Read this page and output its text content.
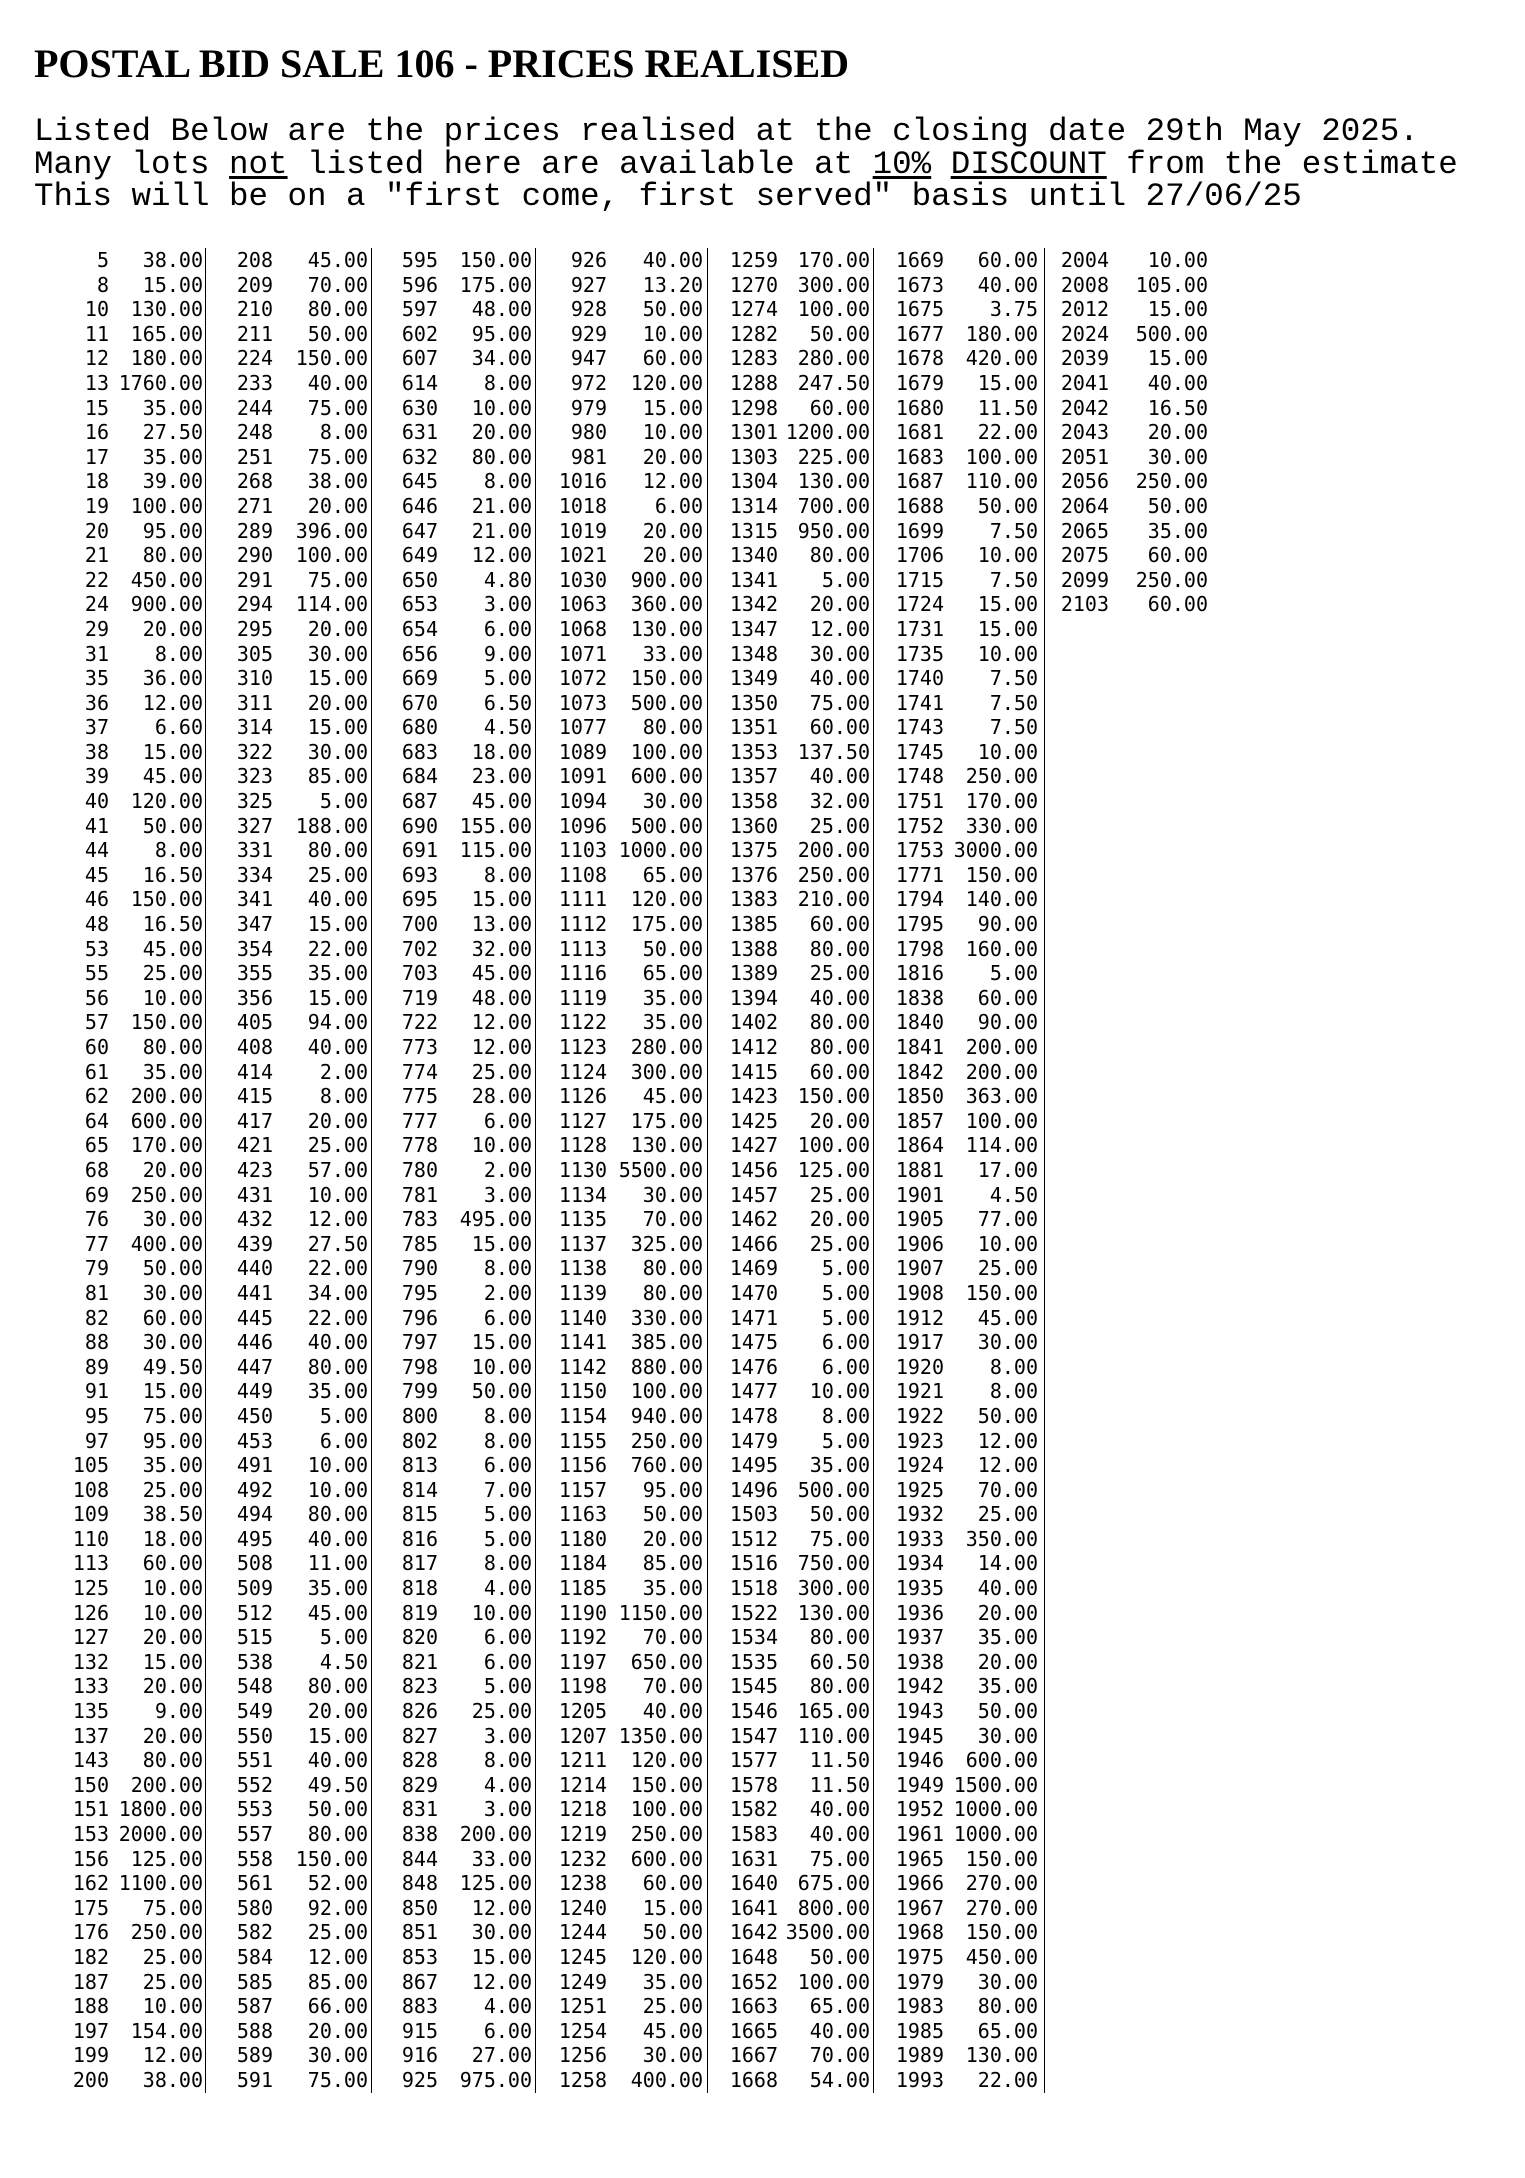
POSTAL BID SALE 106 - PRICES REALISED
Listed Below are the prices realised at the closing date 29th May 2025.
Many lots not listed here are available at 10% DISCOUNT from the estimate
This will be on a "first come, first served" basis until 27/06/25
5	38.00
8	15.00
10	130.00
11	165.00
12	180.00
13 1760.00
15	35.00
16	27.50
17	35.00
18	39.00
19	100.00
20	95.00
21	80.00
22	450.00
24	900.00
29	20.00
31	8.00
35	36.00
36	12.00
37	6.60
38	15.00
39	45.00
40	120.00
41	50.00
44	8.00
45	16.50
46	150.00
48	16.50
53	45.00
55	25.00
56	10.00
57	150.00
60	80.00
61	35.00
62	200.00
64	600.00
65	170.00
68	20.00
69	250.00
76	30.00
77	400.00
79	50.00
81	30.00
82	60.00
88	30.00
89	49.50
91	15.00
95	75.00
97	95.00
105	35.00
108	25.00
109	38.50
110	18.00
113	60.00
125	10.00
126	10.00
127	20.00
132	15.00
133	20.00
135	9.00
137	20.00
143	80.00
150	200.00
151 1800.00
153 2000.00
156	125.00
162 1100.00
175	75.00
176	250.00
182	25.00
187	25.00
188	10.00
197	154.00
199	12.00
200	38.00
208	45.00
209	70.00
210	80.00
211	50.00
224	150.00
233	40.00
244	75.00
248	8.00
251	75.00
268	38.00
271	20.00
289	396.00
290	100.00
291	75.00
294	114.00
295	20.00
305	30.00
310	15.00
311	20.00
314	15.00
322	30.00
323	85.00
325	5.00
327	188.00
331	80.00
334	25.00
341	40.00
347	15.00
354	22.00
355	35.00
356	15.00
405	94.00
408	40.00
414	2.00
415	8.00
417	20.00
421	25.00
423	57.00
431	10.00
432	12.00
439	27.50
440	22.00
441	34.00
445	22.00
446	40.00
447	80.00
449	35.00
450	5.00
453	6.00
491	10.00
492	10.00
494	80.00
495	40.00
508	11.00
509	35.00
512	45.00
515	5.00
538	4.50
548	80.00
549	20.00
550	15.00
551	40.00
552	49.50
553	50.00
557	80.00
558	150.00
561	52.00
580	92.00
582	25.00
584	12.00
585	85.00
587	66.00
588	20.00
589	30.00
591	75.00
595	150.00
596	175.00
597	48.00
602	95.00
607	34.00
614	8.00
630	10.00
631	20.00
632	80.00
645	8.00
646	21.00
647	21.00
649	12.00
650	4.80
653	3.00
654	6.00
656	9.00
669	5.00
670	6.50
680	4.50
683	18.00
684	23.00
687	45.00
690	155.00
691	115.00
693	8.00
695	15.00
700	13.00
702	32.00
703	45.00
719	48.00
722	12.00
773	12.00
774	25.00
775	28.00
777	6.00
778	10.00
780	2.00
781	3.00
783	495.00
785	15.00
790	8.00
795	2.00
796	6.00
797	15.00
798	10.00
799	50.00
800	8.00
802	8.00
813	6.00
814	7.00
815	5.00
816	5.00
817	8.00
818	4.00
819	10.00
820	6.00
821	6.00
823	5.00
826	25.00
827	3.00
828	8.00
829	4.00
831	3.00
838	200.00
844	33.00
848	125.00
850	12.00
851	30.00
853	15.00
867	12.00
883	4.00
915	6.00
916	27.00
925	975.00
926	40.00
927	13.20
928	50.00
929	10.00
947	60.00
972	120.00
979	15.00
980	10.00
981	20.00
1016	12.00
1018	6.00
1019	20.00
1021	20.00
1030	900.00
1063	360.00
1068	130.00
1071	33.00
1072	150.00
1073	500.00
1077	80.00
1089	100.00
1091	600.00
1094	30.00
1096	500.00
1103 1000.00
1108	65.00
1111	120.00
1112	175.00
1113	50.00
1116	65.00
1119	35.00
1122	35.00
1123	280.00
1124	300.00
1126	45.00
1127	175.00
1128	130.00
1130 5500.00
1134	30.00
1135	70.00
1137	325.00
1138	80.00
1139	80.00
1140	330.00
1141	385.00
1142	880.00
1150	100.00
1154	940.00
1155	250.00
1156	760.00
1157	95.00
1163	50.00
1180	20.00
1184	85.00
1185	35.00
1190 1150.00
1192	70.00
1197	650.00
1198	70.00
1205	40.00
1207 1350.00
1211	120.00
1214	150.00
1218	100.00
1219	250.00
1232	600.00
1238	60.00
1240	15.00
1244	50.00
1245	120.00
1249	35.00
1251	25.00
1254	45.00
1256	30.00
1258	400.00
1259 170.00
1270 300.00
1274 100.00
1282	50.00
1283 280.00
1288 247.50
1298	60.00
1301 1200.00
1303 225.00
1304 130.00
1314 700.00
1315 950.00
1340	80.00
1341	5.00
1342	20.00
1347	12.00
1348	30.00
1349	40.00
1350	75.00
1351	60.00
1353 137.50
1357	40.00
1358	32.00
1360	25.00
1375 200.00
1376 250.00
1383 210.00
1385	60.00
1388	80.00
1389	25.00
1394	40.00
1402	80.00
1412	80.00
1415	60.00
1423 150.00
1425	20.00
1427 100.00
1456 125.00
1457	25.00
1462	20.00
1466	25.00
1469	5.00
1470	5.00
1471	5.00
1475	6.00
1476	6.00
1477	10.00
1478	8.00
1479	5.00
1495	35.00
1496 500.00
1503	50.00
1512	75.00
1516 750.00
1518 300.00
1522 130.00
1534	80.00
1535	60.50
1545	80.00
1546 165.00
1547 110.00
1577	11.50
1578	11.50
1582	40.00
1583	40.00
1631	75.00
1640 675.00
1641 800.00
1642 3500.00
1648	50.00
1652 100.00
1663	65.00
1665	40.00
1667	70.00
1668	54.00
1669	60.00
1673	40.00
1675	3.75
1677	180.00
1678	420.00
1679	15.00
1680	11.50
1681	22.00
1683	100.00
1687	110.00
1688	50.00
1699	7.50
1706	10.00
1715	7.50
1724	15.00
1731	15.00
1735	10.00
1740	7.50
1741	7.50
1743	7.50
1745	10.00
1748	250.00
1751	170.00
1752	330.00
1753 3000.00
1771	150.00
1794	140.00
1795	90.00
1798	160.00
1816	5.00
1838	60.00
1840	90.00
1841	200.00
1842	200.00
1850	363.00
1857	100.00
1864	114.00
1881	17.00
1901	4.50
1905	77.00
1906	10.00
1907	25.00
1908	150.00
1912	45.00
1917	30.00
1920	8.00
1921	8.00
1922	50.00
1923	12.00
1924	12.00
1925	70.00
1932	25.00
1933	350.00
1934	14.00
1935	40.00
1936	20.00
1937	35.00
1938	20.00
1942	35.00
1943	50.00
1945	30.00
1946	600.00
1949 1500.00
1952 1000.00
1961 1000.00
1965	150.00
1966	270.00
1967	270.00
1968	150.00
1975	450.00
1979	30.00
1983	80.00
1985	65.00
1989	130.00
1993	22.00
2004	10.00
2008	105.00
2012	15.00
2024	500.00
2039	15.00
2041	40.00
2042	16.50
2043	20.00
2051	30.00
2056	250.00
2064	50.00
2065	35.00
2075	60.00
2099	250.00
2103	60.00
